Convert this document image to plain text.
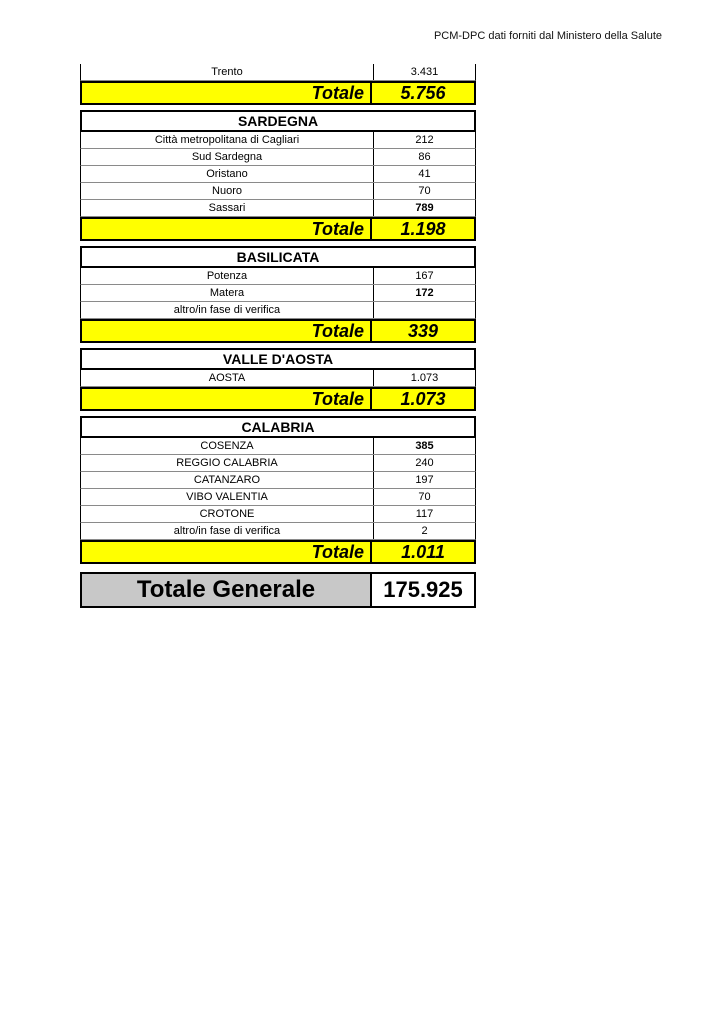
PCM-DPC dati forniti dal Ministero della Salute
Trento	3.431
Totale	5.756
SARDEGNA
Città metropolitana di Cagliari	212
Sud Sardegna	86
Oristano	41
Nuoro	70
Sassari	789
Totale	1.198
BASILICATA
Potenza	167
Matera	172
altro/in fase di verifica
Totale	339
VALLE D'AOSTA
AOSTA	1.073
Totale	1.073
CALABRIA
COSENZA	385
REGGIO CALABRIA	240
CATANZARO	197
VIBO VALENTIA	70
CROTONE	117
altro/in fase di verifica	2
Totale	1.011
Totale Generale	175.925
